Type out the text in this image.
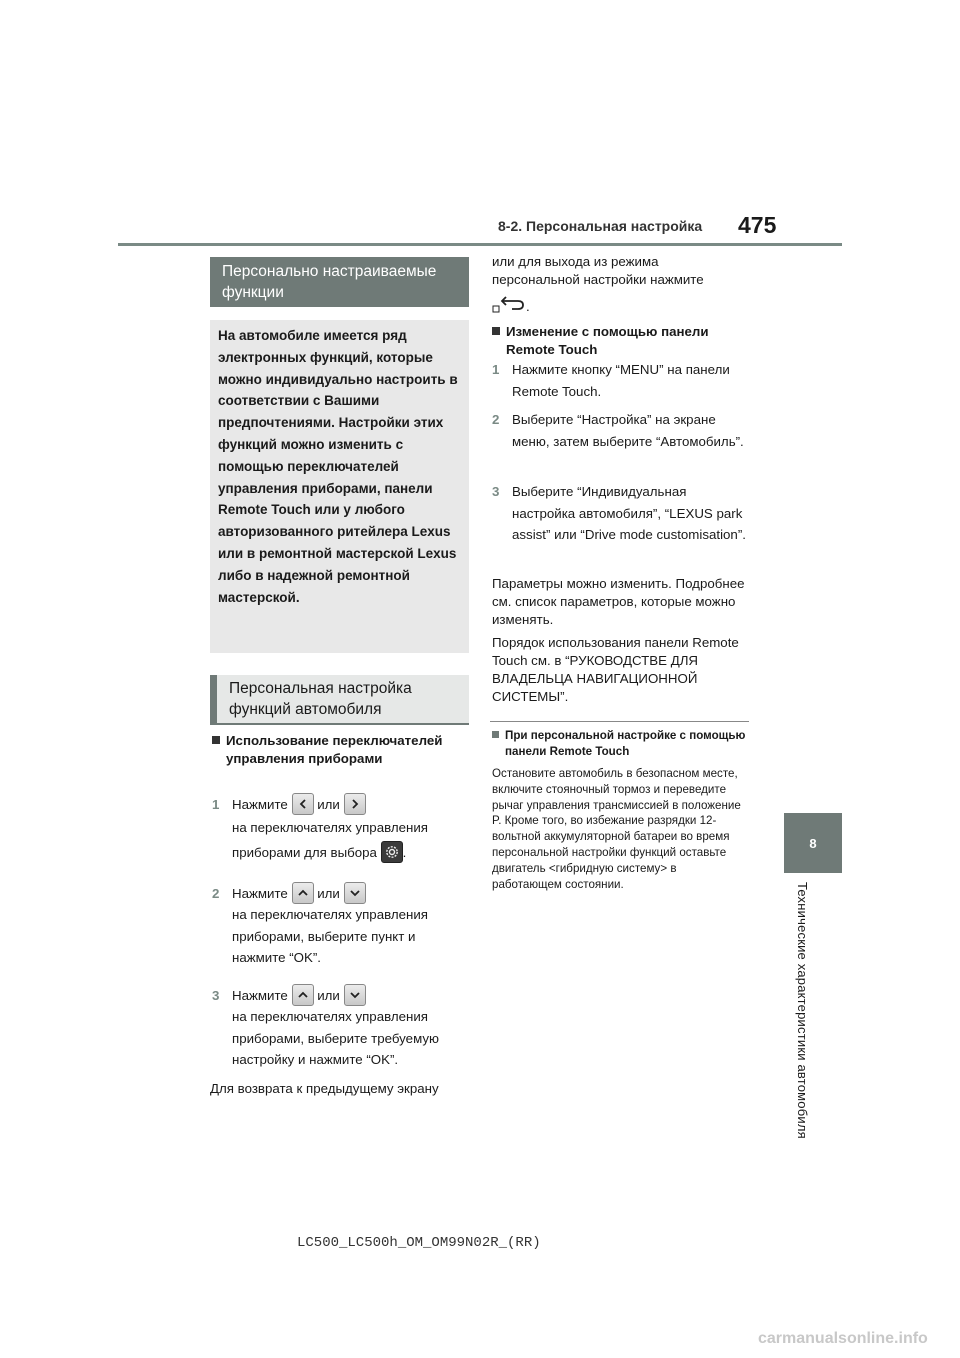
8-2. Персональная настройка 475
8
Технические характеристики автомобиля
Персонально настраиваемые функции
На автомобиле имеется ряд электронных функций, которые можно индивидуально настроить в соответствии с Вашими предпочтениями. Настройки этих функций можно изменить с помощью переключателей управления приборами, панели Remote Touch или у любого авторизованного ритейлера Lexus или в ремонтной мастерской Lexus либо в надежной ремонтной мастерской.
Персональная настройка функций автомобиля
Использование переключателей управления приборами
1 Нажмите или
на переключателях управления приборами для выбора .
2 Нажмите или
на переключателях управления приборами, выберите пункт и нажмите “OK”.
3 Нажмите или
на переключателях управления приборами, выберите требуемую настройку и нажмите “OK”.
Для возврата к предыдущему экрану
или для выхода из режима персональной настройки нажмите
.
Изменение с помощью панели Remote Touch
1 Нажмите кнопку “MENU” на панели Remote Touch.
2 Выберите “Настройка” на экране меню, затем выберите “Автомобиль”.
3 Выберите “Индивидуальная настройка автомобиля”, “LEXUS park assist” или “Drive mode customisation”.
Параметры можно изменить. Подробнее см. список параметров, которые можно изменять.
Порядок использования панели Remote Touch см. в “РУКОВОДСТВЕ ДЛЯ ВЛАДЕЛЬЦА НАВИГАЦИОННОЙ СИСТЕМЫ”.
При персональной настройке с помощью панели Remote Touch
Остановите автомобиль в безопасном месте, включите стояночный тормоз и переведите рычаг управления трансмиссией в положение P. Кроме того, во избежание разрядки 12-вольтной аккумуляторной батареи во время персональной настройки функций оставьте двигатель <гибридную систему> в работающем состоянии.
LC500_LC500h_OM_OM99N02R_(RR)
carmanualsonline.info
